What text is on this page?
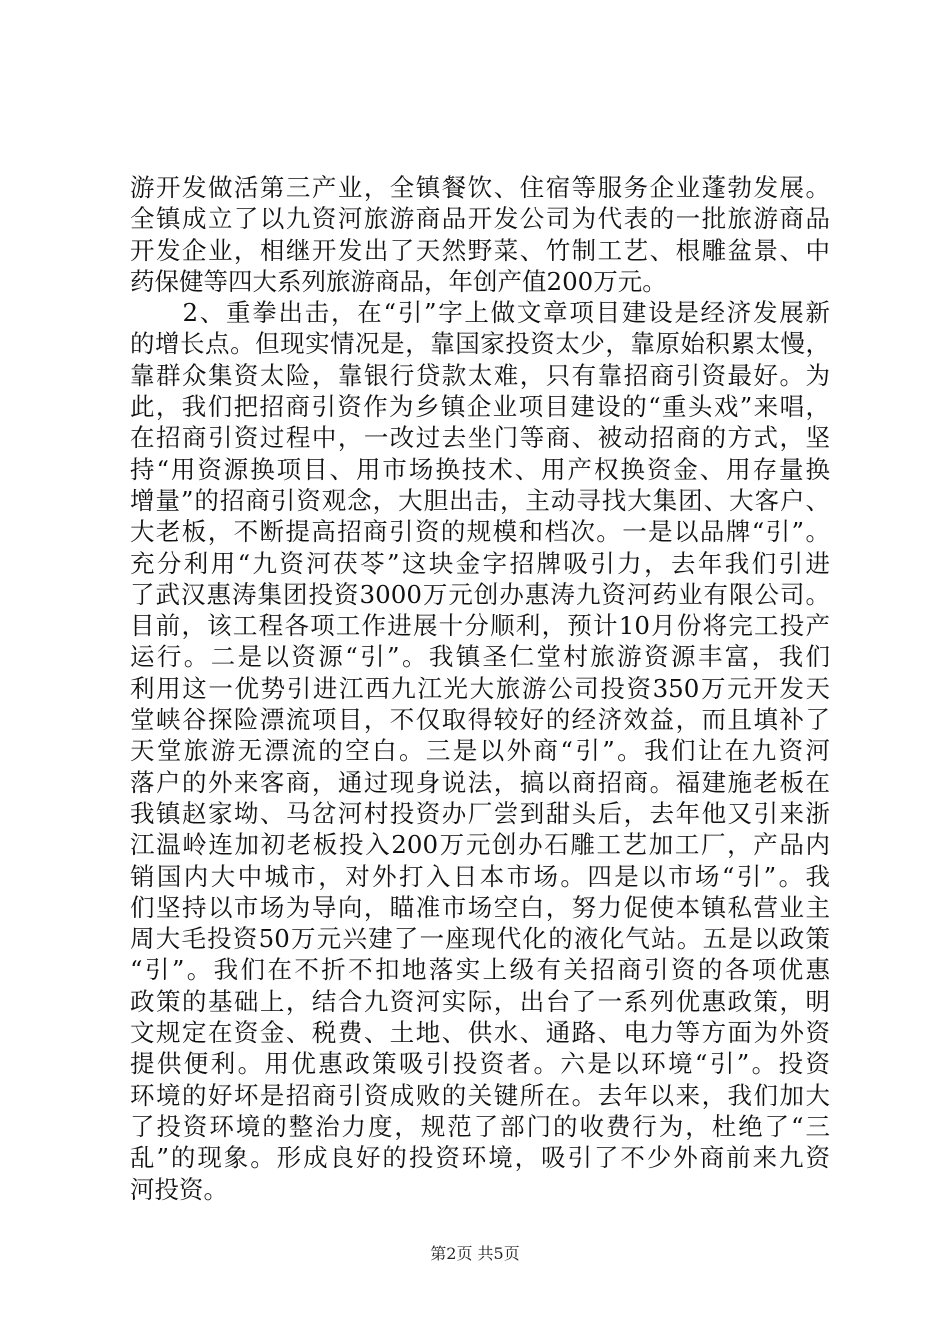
游开发做活第三产业，全镇餐饮、住宿等服务企业蓬勃发展。
全镇成立了以九资河旅游商品开发公司为代表的一批旅游商品
开发企业，相继开发出了天然野菜、竹制工艺、根雕盆景、中
药保健等四大系列旅游商品，年创产值200万元。
　　2、重拳出击，在“引”字上做文章项目建设是经济发展新
的增长点。但现实情况是，靠国家投资太少，靠原始积累太慢，
靠群众集资太险，靠银行贷款太难，只有靠招商引资最好。为
此，我们把招商引资作为乡镇企业项目建设的“重头戏”来唱，
在招商引资过程中，一改过去坐门等商、被动招商的方式，坚
持“用资源换项目、用市场换技术、用产权换资金、用存量换
增量”的招商引资观念，大胆出击，主动寻找大集团、大客户、
大老板，不断提高招商引资的规模和档次。一是以品牌“引”。
充分利用“九资河茯苓”这块金字招牌吸引力，去年我们引进
了武汉惠涛集团投资3000万元创办惠涛九资河药业有限公司。
目前，该工程各项工作进展十分顺利，预计10月份将完工投产
运行。二是以资源“引”。我镇圣仁堂村旅游资源丰富，我们
利用这一优势引进江西九江光大旅游公司投资350万元开发天
堂峡谷探险漂流项目，不仅取得较好的经济效益，而且填补了
天堂旅游无漂流的空白。三是以外商“引”。我们让在九资河
落户的外来客商，通过现身说法，搞以商招商。福建施老板在
我镇赵家坳、马岔河村投资办厂尝到甜头后，去年他又引来浙
江温岭连加初老板投入200万元创办石雕工艺加工厂，产品内
销国内大中城市，对外打入日本市场。四是以市场“引”。我
们坚持以市场为导向，瞄准市场空白，努力促使本镇私营业主
周大毛投资50万元兴建了一座现代化的液化气站。五是以政策
“引”。我们在不折不扣地落实上级有关招商引资的各项优惠
政策的基础上，结合九资河实际，出台了一系列优惠政策，明
文规定在资金、税费、土地、供水、通路、电力等方面为外资
提供便利。用优惠政策吸引投资者。六是以环境“引”。投资
环境的好坏是招商引资成败的关键所在。去年以来，我们加大
了投资环境的整治力度，规范了部门的收费行为，杜绝了“三
乱”的现象。形成良好的投资环境，吸引了不少外商前来九资
河投资。
第2页 共5页
